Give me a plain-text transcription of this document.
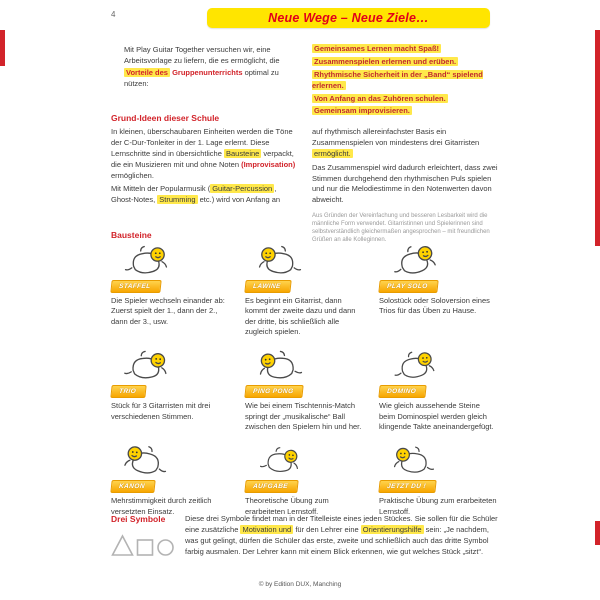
4	Neue Wege – Neue Ziele…
Mit Play Guitar Together versuchen wir, eine Arbeitsvorlage zu liefern, die es ermöglicht, die Vorteile des Gruppenunterrichts optimal zu nützen:
Gemeinsames Lernen macht Spaß!
Zusammenspielen erlernen und erüben.
Rhythmische Sicherheit in der „Band“ spielend erlernen.
Von Anfang an das Zuhören schulen.
Gemeinsam improvisieren.
Grund-Ideen dieser Schule

In kleinen, überschaubaren Einheiten werden die Töne der C-Dur-Tonleiter in der 1. Lage erlernt. Diese Lernschritte sind in übersichtliche Bausteine verpackt, die ein Musizieren mit und ohne Noten (Improvisation) ermöglichen.

Mit Mitteln der Popularmusik ( Guitar-Percussion , Ghost-Notes, Strumming etc.) wird von Anfang an

auf rhythmisch allereinfachster Basis ein Zusammenspielen von mindestens drei Gitarristen ermöglicht.

Das Zusammenspiel wird dadurch erleichtert, dass zwei Stimmen durchgehend den rhythmischen Puls spielen und nur die Melodiestimme in den Notenwerten davon abweicht.

Aus Gründen der Vereinfachung und besseren Lesbarkeit wird die männliche Form verwendet. Gitarristinnen und Spielerinnen sind selbstverständlich gleichermaßen angesprochen – mit freundlichen Grüßen an alle Kolleginnen.
Bausteine
STAFFEL
Die Spieler wechseln einander ab: Zuerst spielt der 1., dann der 2., dann der 3., usw.
LAWINE
Es beginnt ein Gitarrist, dann kommt der zweite dazu und dann der dritte, bis schließlich alle zugleich spielen.
PLAY SOLO
Solostück oder Soloversion eines Trios für das Üben zu Hause.
TRIO
Stück für 3 Gitarristen mit drei verschiedenen Stimmen.
PING PONG
Wie bei einem Tischtennis-Match springt der „musikalische“ Ball zwischen den Spielern hin und her.
DOMINO
Wie gleich aussehende Steine beim Dominospiel werden gleich klingende Takte aneinandergefügt.
KANON
Mehrstimmigkeit durch zeitlich versetzten Einsatz.
AUFGABE
Theoretische Übung zum erarbeiteten Lernstoff.
JETZT DU !
Praktische Übung zum erarbeiteten Lernstoff.
Drei Symbole	Diese drei Symbole findet man in der Titelleiste eines jeden Stückes. Sie sollen für die Schüler eine zusätzliche Motivation und für den Lehrer eine Orientierungshilfe sein: „Je nachdem, was gut gelingt, dürfen die Schüler das erste, zweite und schließlich auch das dritte Symbol farbig ausmalen. Der Lehrer kann mit einem Blick erkennen, wie gut welches Stück „sitzt“.
© by Edition DUX, Manching
